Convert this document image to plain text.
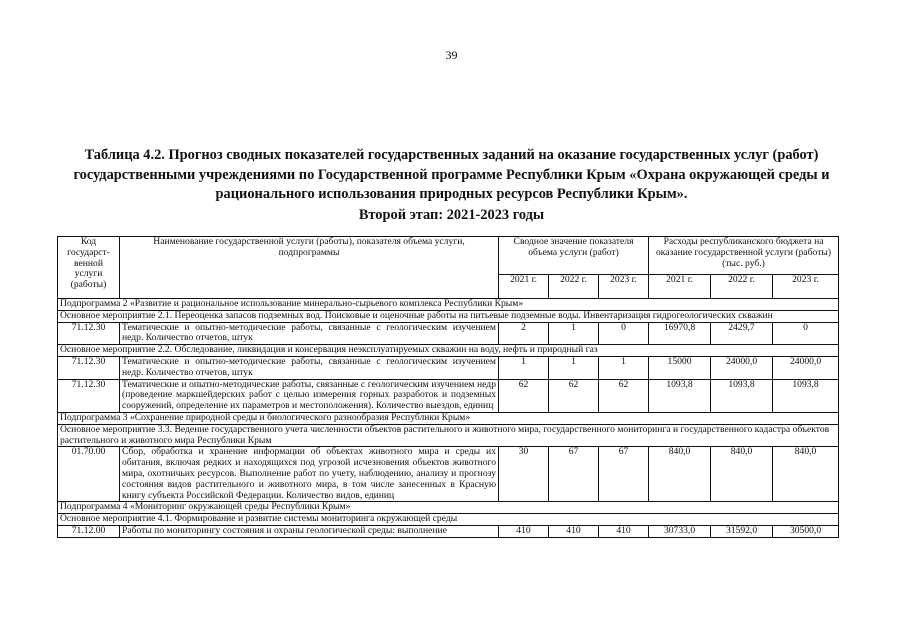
39
Таблица 4.2. Прогноз сводных показателей государственных заданий на оказание государственных услуг (работ) государственными учреждениями по Государственной программе Республики Крым «Охрана окружающей среды и рационального использования природных ресурсов Республики Крым».
Второй этап: 2021-2023 годы
Код государст-венной услуги (работы)	Наименование государственной услуги (работы), показателя объема услуги, подпрограммы	Сводное значение показателя объема услуги (работ)			Расходы республиканского бюджета на оказание государственной услуги (работы) (тыс. руб.)		
		2021 г.	2022 г.	2023 г.	2021 г.	2022 г.	2023 г.
Подпрограмма 2 «Развитие и рациональное использование минерально-сырьевого комплекса Республики Крым»							
Основное мероприятие 2.1. Переоценка запасов подземных вод. Поисковые и оценочные работы на питьевые подземные воды. Инвентаризация гидрогеологических скважин							
71.12.30	Тематические и опытно-методические работы, связанные с геологическим изучением недр. Количество отчетов, штук	2	1	0	16970,8	2429,7	0
Основное мероприятие 2.2. Обследование, ликвидация и консервация неэксплуатируемых скважин на воду, нефть и природный газ							
71.12.30	Тематические и опытно-методические работы, связанные с геологическим изучением недр. Количество отчетов, штук	1	1	1	15000	24000,0	24000,0
71.12.30	Тематические и опытно-методические работы, связанные с геологическим изучением недр (проведение маркшейдерских работ с целью измерения горных разработок и подземных сооружений, определение их параметров и местоположения). Количество выездов, единиц	62	62	62	1093,8	1093,8	1093,8
Подпрограмма 3 «Сохранение природной среды и биологического разнообразия Республики Крым»							
Основное мероприятие 3.3. Ведение государственного учета численности объектов растительного и животного мира, государственного мониторинга и государственного кадастра объектов растительного и животного мира Республики Крым							
01.70.00	Сбор, обработка и хранение информации об объектах животного мира и среды их обитания, включая редких и находящихся под угрозой исчезновения объектов животного мира, охотничьих ресурсов. Выполнение работ по учету, наблюдению, анализу и прогнозу состояния видов растительного и животного мира, в том числе занесенных в Красную книгу субъекта Российской Федерации. Количество видов, единиц	30	67	67	840,0	840,0	840,0
Подпрограмма 4 «Мониторинг окружающей среды Республики Крым»							
Основное мероприятие 4.1. Формирование и развитие системы мониторинга окружающей среды							
71.12.00	Работы по мониторингу состояния и охраны геологической среды: выполнение	410	410	410	30733,0	31592,0	30500,0
